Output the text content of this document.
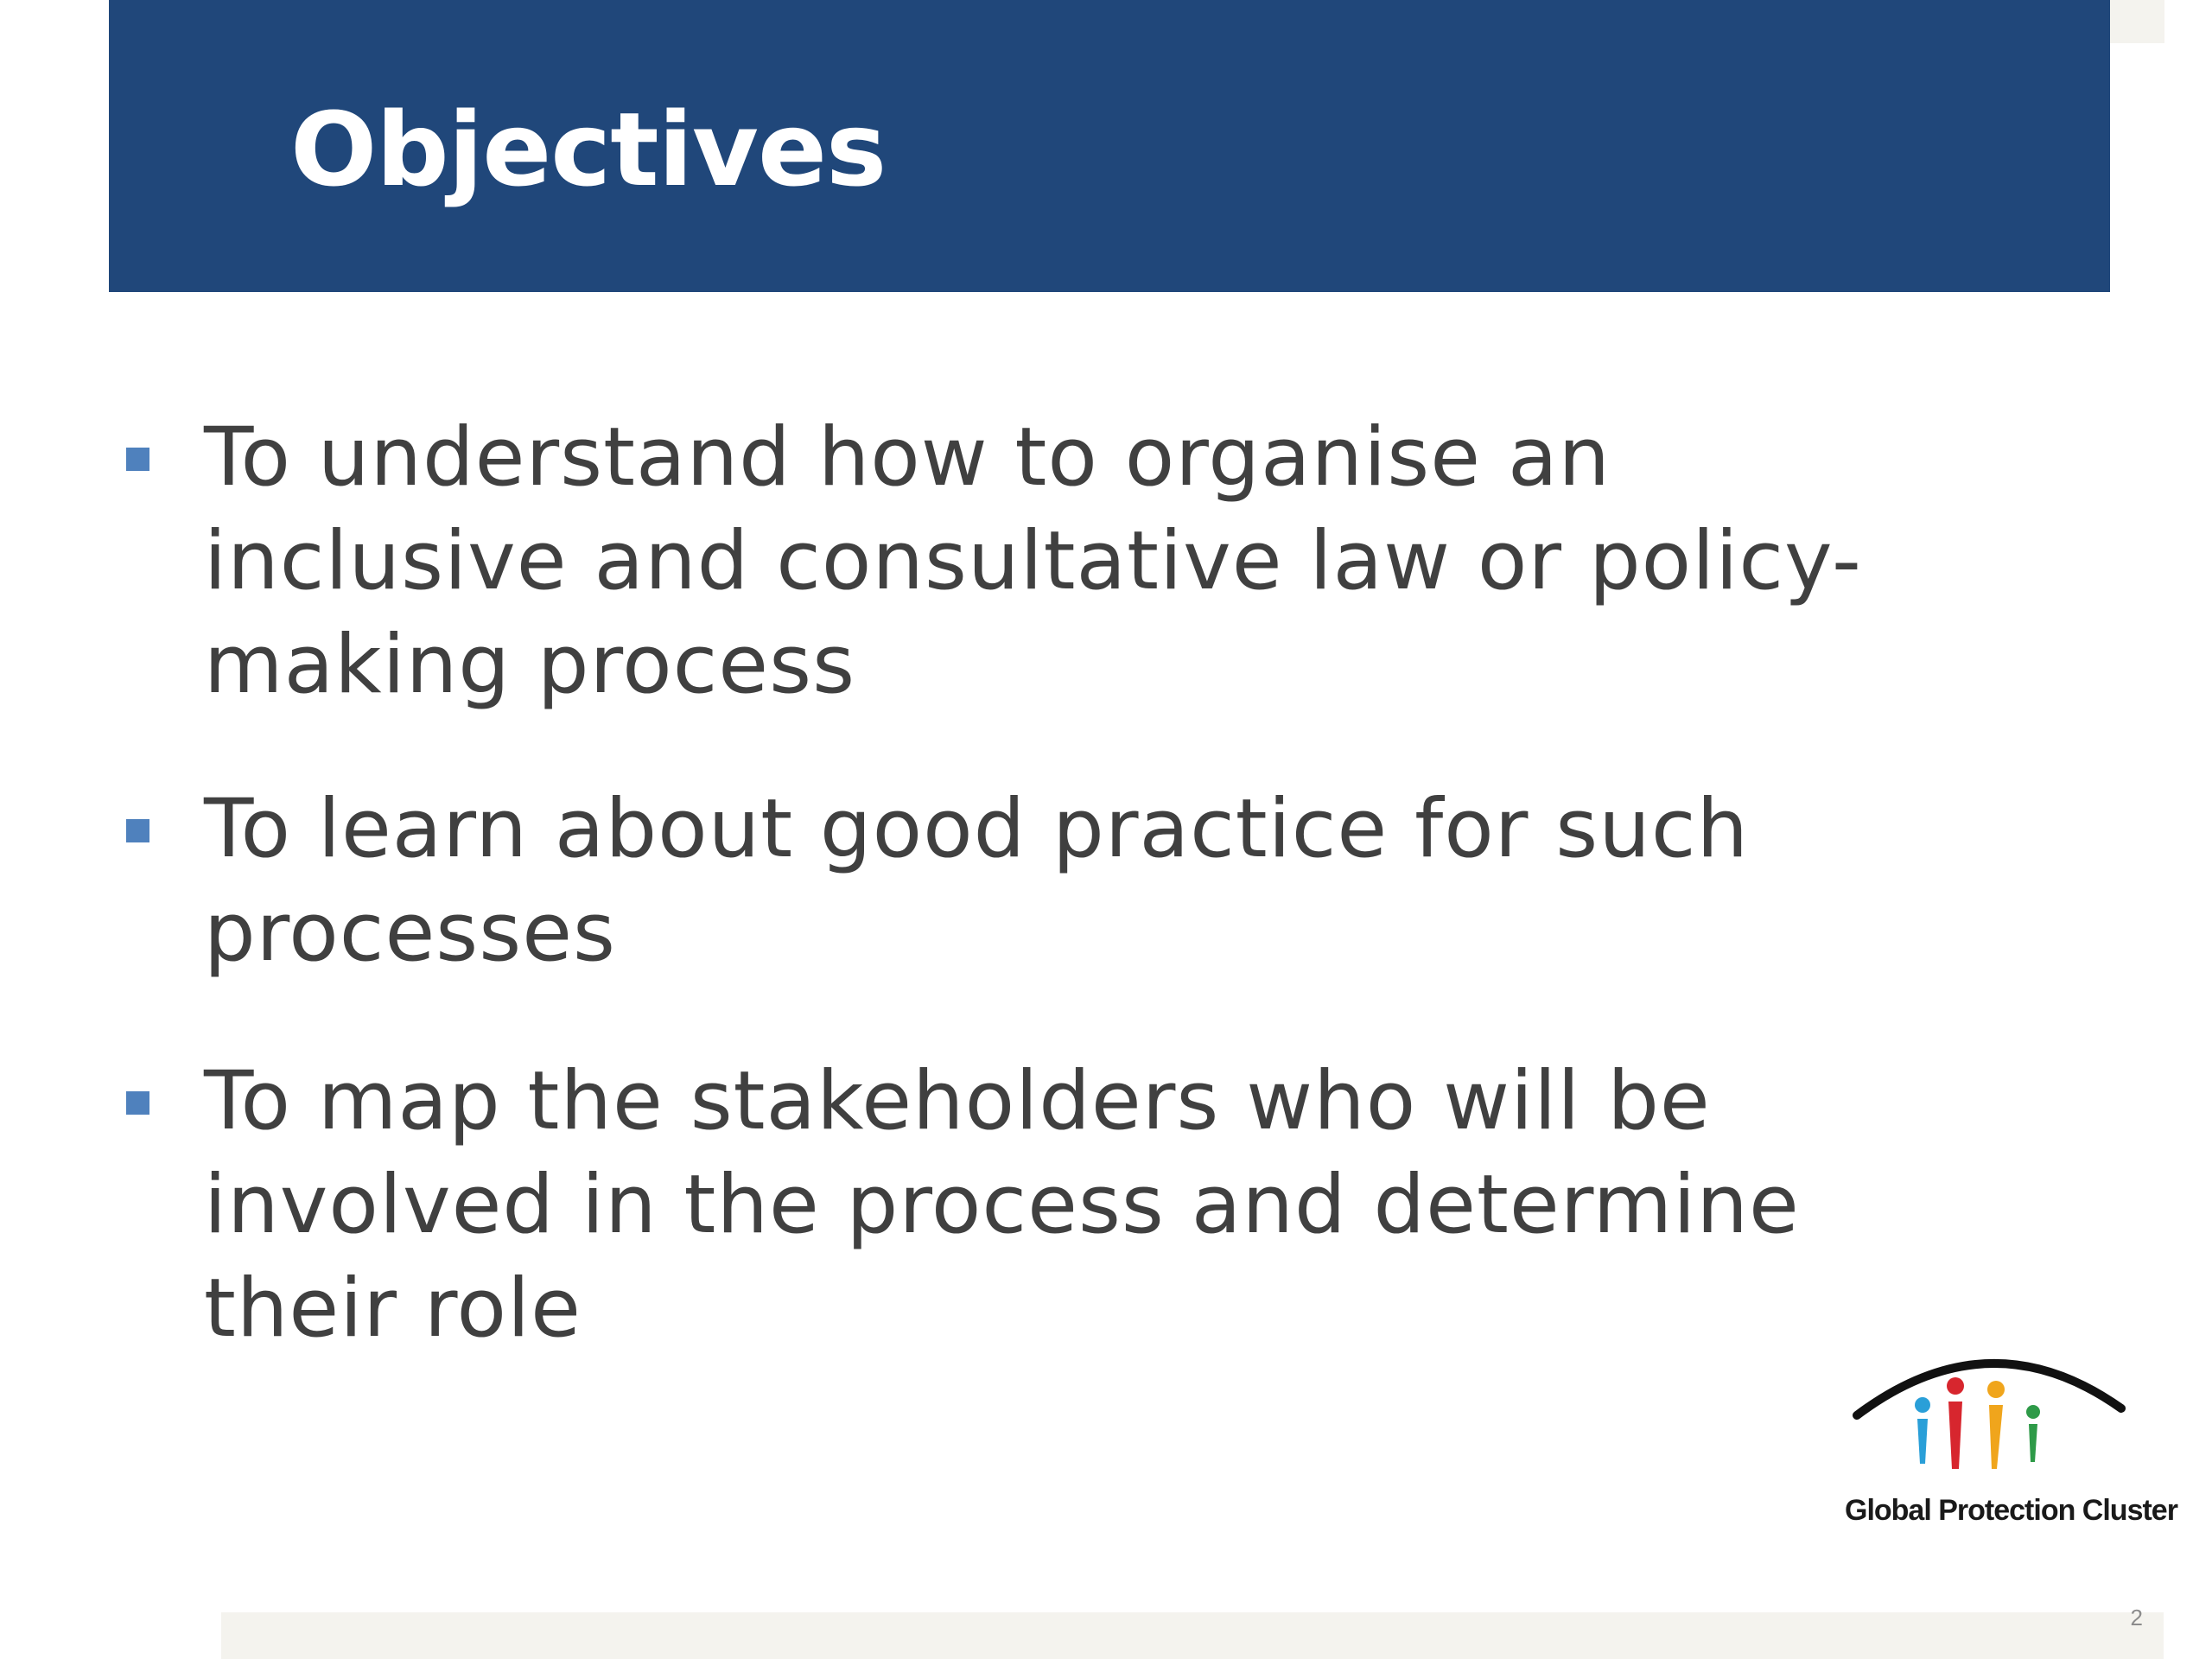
Objectives

To understand how to organise an
inclusive and consultative law or policy-
making process

To learn about good practice for such
processes

To map the stakeholders who will be
involved in the process and determine
their role

Global Protection Cluster
2
